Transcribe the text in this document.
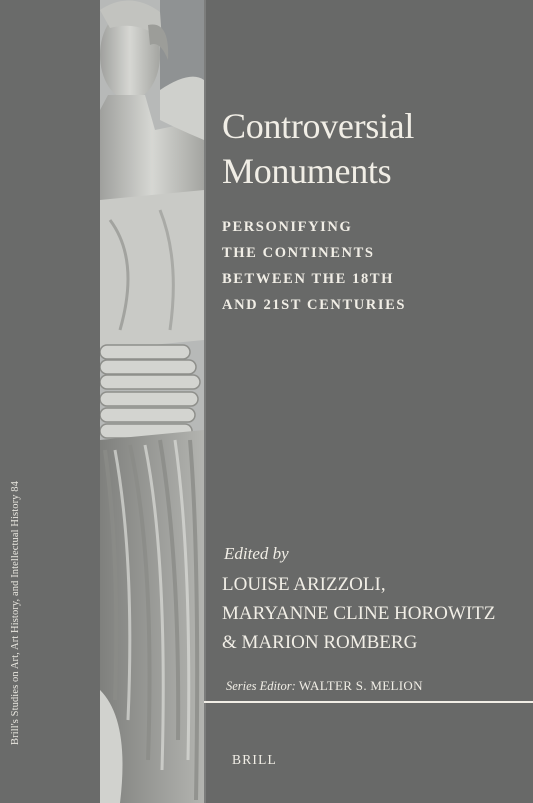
Brill's Studies on Art, Art History, and Intellectual History 84
Controversial
Monuments
PERSONIFYING
THE CONTINENTS
BETWEEN THE 18TH
AND 21ST CENTURIES
Edited by
LOUISE ARIZZOLI,
MARYANNE CLINE HOROWITZ
& MARION ROMBERG
Series Editor: WALTER S. MELION
BRILL
